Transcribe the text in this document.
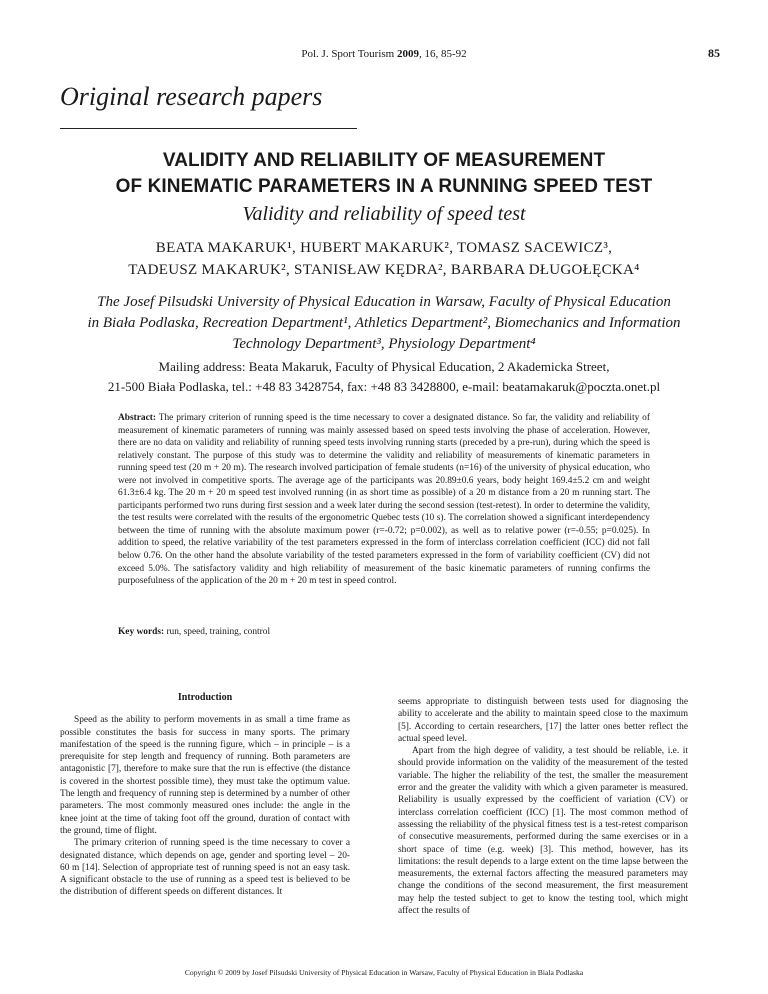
Pol. J. Sport Tourism 2009, 16, 85-92	85
Original research papers
VALIDITY AND RELIABILITY OF MEASUREMENT
OF KINEMATIC PARAMETERS IN A RUNNING SPEED TEST
Validity and reliability of speed test
BEATA MAKARUK¹, HUBERT MAKARUK², TOMASZ SACEWICZ³,
TADEUSZ MAKARUK², STANISŁAW KĘDRA², BARBARA DŁUGOŁĘCKA⁴
The Josef Pilsudski University of Physical Education in Warsaw, Faculty of Physical Education
in Biała Podlaska, Recreation Department¹, Athletics Department², Biomechanics and Information
Technology Department³, Physiology Department⁴
Mailing address: Beata Makaruk, Faculty of Physical Education, 2 Akademicka Street,
21-500 Biała Podlaska, tel.: +48 83 3428754, fax: +48 83 3428800, e-mail: beatamakaruk@poczta.onet.pl
Abstract: The primary criterion of running speed is the time necessary to cover a designated distance. So far, the validity and reliability of measurement of kinematic parameters of running was mainly assessed based on speed tests involving the phase of acceleration. However, there are no data on validity and reliability of running speed tests involving running starts (preceded by a pre-run), during which the speed is relatively constant. The purpose of this study was to determine the validity and reliability of measurements of kinematic parameters in running speed test (20 m + 20 m). The research involved participation of female students (n=16) of the university of physical education, who were not involved in competitive sports. The average age of the participants was 20.89±0.6 years, body height 169.4±5.2 cm and weight 61.3±6.4 kg. The 20 m + 20 m speed test involved running (in as short time as possible) of a 20 m distance from a 20 m running start. The participants performed two runs during first session and a week later during the second session (test-retest). In order to determine the validity, the test results were correlated with the results of the ergonometric Quebec tests (10 s). The correlation showed a significant interdependency between the time of running with the absolute maximum power (r=-0.72; p=0.002), as well as to relative power (r=-0.55; p=0.025). In addition to speed, the relative variability of the test parameters expressed in the form of interclass correlation coefficient (ICC) did not fall below 0.76. On the other hand the absolute variability of the tested parameters expressed in the form of variability coefficient (CV) did not exceed 5.0%. The satisfactory validity and high reliability of measurement of the basic kinematic parameters of running confirms the purposefulness of the application of the 20 m + 20 m test in speed control.
Key words: run, speed, training, control
Introduction

Speed as the ability to perform movements in as small a time frame as possible constitutes the basis for success in many sports. The primary manifestation of the speed is the running figure, which – in principle – is a prerequisite for step length and frequency of running. Both parameters are antagonistic [7], therefore to make sure that the run is effective (the distance is covered in the shortest possible time), they must take the optimum value. The length and frequency of running step is determined by a number of other parameters. The most commonly measured ones include: the angle in the knee joint at the time of taking foot off the ground, duration of contact with the ground, time of flight.

The primary criterion of running speed is the time necessary to cover a designated distance, which depends on age, gender and sporting level – 20-60 m [14]. Selection of appropriate test of running speed is not an easy task. A significant obstacle to the use of running as a speed test is believed to be the distribution of different speeds on different distances. It

seems appropriate to distinguish between tests used for diagnosing the ability to accelerate and the ability to maintain speed close to the maximum [5]. According to certain researchers, [17] the latter ones better reflect the actual speed level.

Apart from the high degree of validity, a test should be reliable, i.e. it should provide information on the validity of the measurement of the tested variable. The higher the reliability of the test, the smaller the measurement error and the greater the validity with which a given parameter is measured. Reliability is usually expressed by the coefficient of variation (CV) or interclass correlation coefficient (ICC) [1]. The most common method of assessing the reliability of the physical fitness test is a test-retest comparison of consecutive measurements, performed during the same exercises or in a short space of time (e.g. week) [3]. This method, however, has its limitations: the result depends to a large extent on the time lapse between the measurements, the external factors affecting the measured parameters may change the conditions of the second measurement, the first measurement may help the tested subject to get to know the testing tool, which might affect the results of

Copyright © 2009 by Josef Pilsudski University of Physical Education in Warsaw, Faculty of Physical Education in Biala Podlaska
